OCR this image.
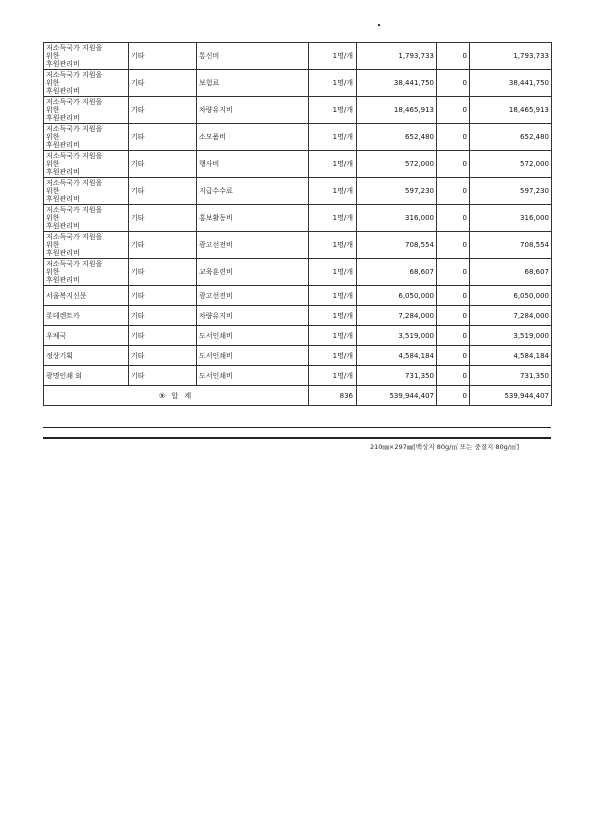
저소득국가 지원을
위한
후원관리비	기타	통신비	1명/개	1,793,733	0	1,793,733

저소득국가 지원을
위한
후원관리비	기타	보험료	1명/개	38,441,750	0	38,441,750

저소득국가 지원을
위한
후원관리비	기타	차량유지비	1명/개	18,465,913	0	18,465,913

저소득국가 지원을
위한
후원관리비	기타	소모품비	1명/개	652,480	0	652,480

저소득국가 지원을
위한
후원관리비	기타	행사비	1명/개	572,000	0	572,000

저소득국가 지원을
위한
후원관리비	기타	지급수수료	1명/개	597,230	0	597,230

저소득국가 지원을
위한
후원관리비	기타	홍보활동비	1명/개	316,000	0	316,000

저소득국가 지원을
위한
후원관리비	기타	광고선전비	1명/개	708,554	0	708,554

저소득국가 지원을
위한
후원관리비	기타	교육훈련비	1명/개	68,607	0	68,607

서울복지신문	기타	광고선전비	1명/개	6,050,000	0	6,050,000

롯데렌트카	기타	차량유지비	1명/개	7,284,000	0	7,284,000

우체국	기타	도서인쇄비	1명/개	3,519,000	0	3,519,000

정상기획	기타	도서인쇄비	1명/개	4,584,184	0	4,584,184

광명인쇄 외	기타	도서인쇄비	1명/개	731,350	0	731,350
⑨ 합 계			836	539,944,407	0	539,944,407
210㎜×297㎜[백상지 80g/㎡ 또는 중질지 80g/㎡]
